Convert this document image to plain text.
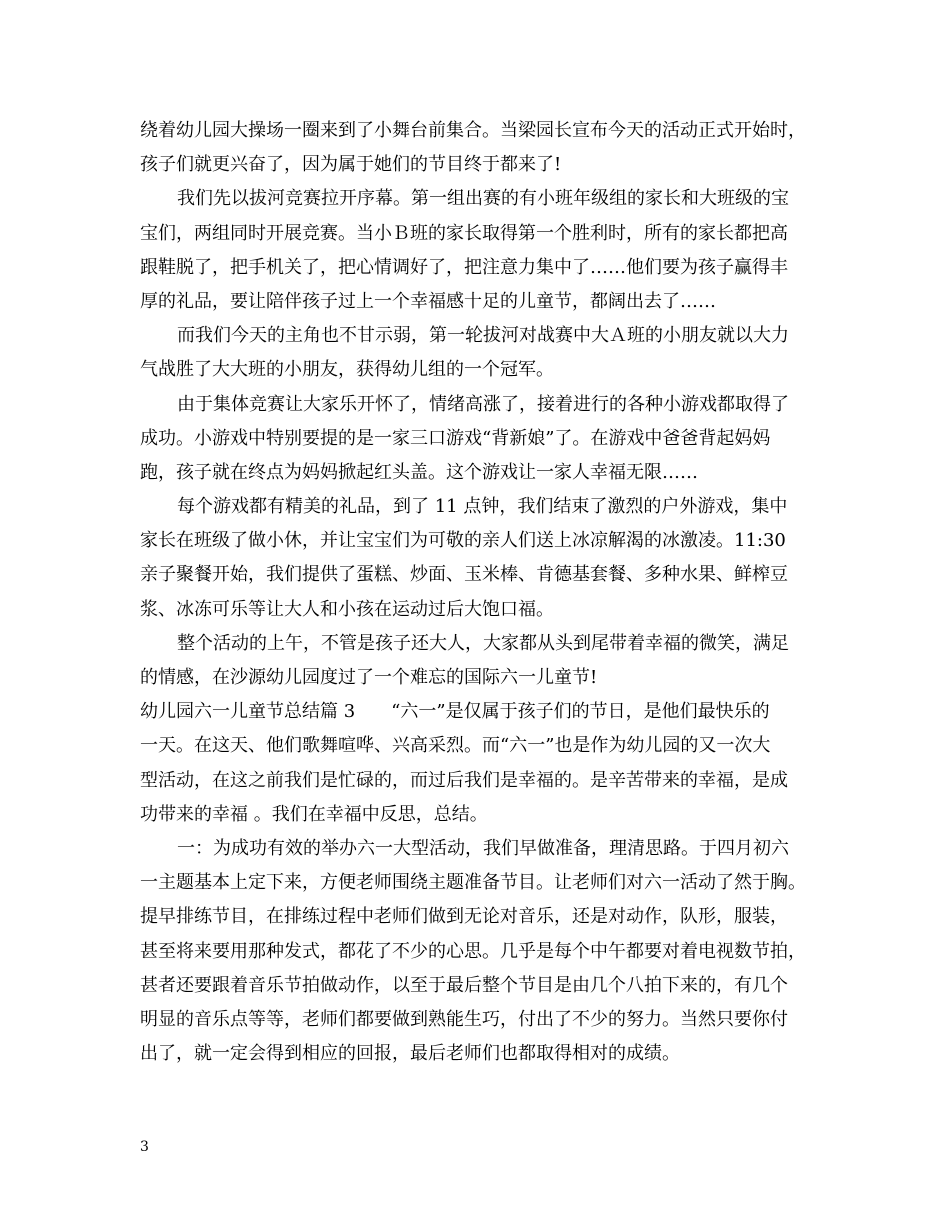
绕着幼儿园大操场一圈来到了小舞台前集合。当梁园长宣布今天的活动正式开始时，
孩子们就更兴奋了，因为属于她们的节目终于都来了!
我们先以拔河竞赛拉开序幕。第一组出赛的有小班年级组的家长和大班级的宝
宝们，两组同时开展竞赛。当小Ｂ班的家长取得第一个胜利时，所有的家长都把高
跟鞋脱了，把手机关了，把心情调好了，把注意力集中了……他们要为孩子赢得丰
厚的礼品，要让陪伴孩子过上一个幸福感十足的儿童节，都阔出去了……
而我们今天的主角也不甘示弱，第一轮拔河对战赛中大Ａ班的小朋友就以大力
气战胜了大大班的小朋友，获得幼儿组的一个冠军。
由于集体竞赛让大家乐开怀了，情绪高涨了，接着进行的各种小游戏都取得了
成功。小游戏中特别要提的是一家三口游戏“背新娘”了。在游戏中爸爸背起妈妈
跑，孩子就在终点为妈妈掀起红头盖。这个游戏让一家人幸福无限……
每个游戏都有精美的礼品，到了 11 点钟，我们结束了激烈的户外游戏，集中
家长在班级了做小休，并让宝宝们为可敬的亲人们送上冰凉解渴的冰激凌。11:30
亲子聚餐开始，我们提供了蛋糕、炒面、玉米棒、肯德基套餐、多种水果、鲜榨豆
浆、冰冻可乐等让大人和小孩在运动过后大饱口福。
整个活动的上午，不管是孩子还大人，大家都从头到尾带着幸福的微笑，满足
的情感，在沙源幼儿园度过了一个难忘的国际六一儿童节!
幼儿园六一儿童节总结篇 3　　“六一”是仅属于孩子们的节日，是他们最快乐的
一天。在这天、他们歌舞喧哗、兴高采烈。而“六一”也是作为幼儿园的又一次大
型活动，在这之前我们是忙碌的，而过后我们是幸福的。是辛苦带来的幸福，是成
功带来的幸福 。我们在幸福中反思，总结。
一：为成功有效的举办六一大型活动，我们早做准备，理清思路。于四月初六
一主题基本上定下来，方便老师围绕主题准备节目。让老师们对六一活动了然于胸。
提早排练节目，在排练过程中老师们做到无论对音乐，还是对动作，队形，服装，
甚至将来要用那种发式，都花了不少的心思。几乎是每个中午都要对着电视数节拍，
甚者还要跟着音乐节拍做动作，以至于最后整个节目是由几个八拍下来的，有几个
明显的音乐点等等，老师们都要做到熟能生巧，付出了不少的努力。当然只要你付
出了，就一定会得到相应的回报，最后老师们也都取得相对的成绩。
3
